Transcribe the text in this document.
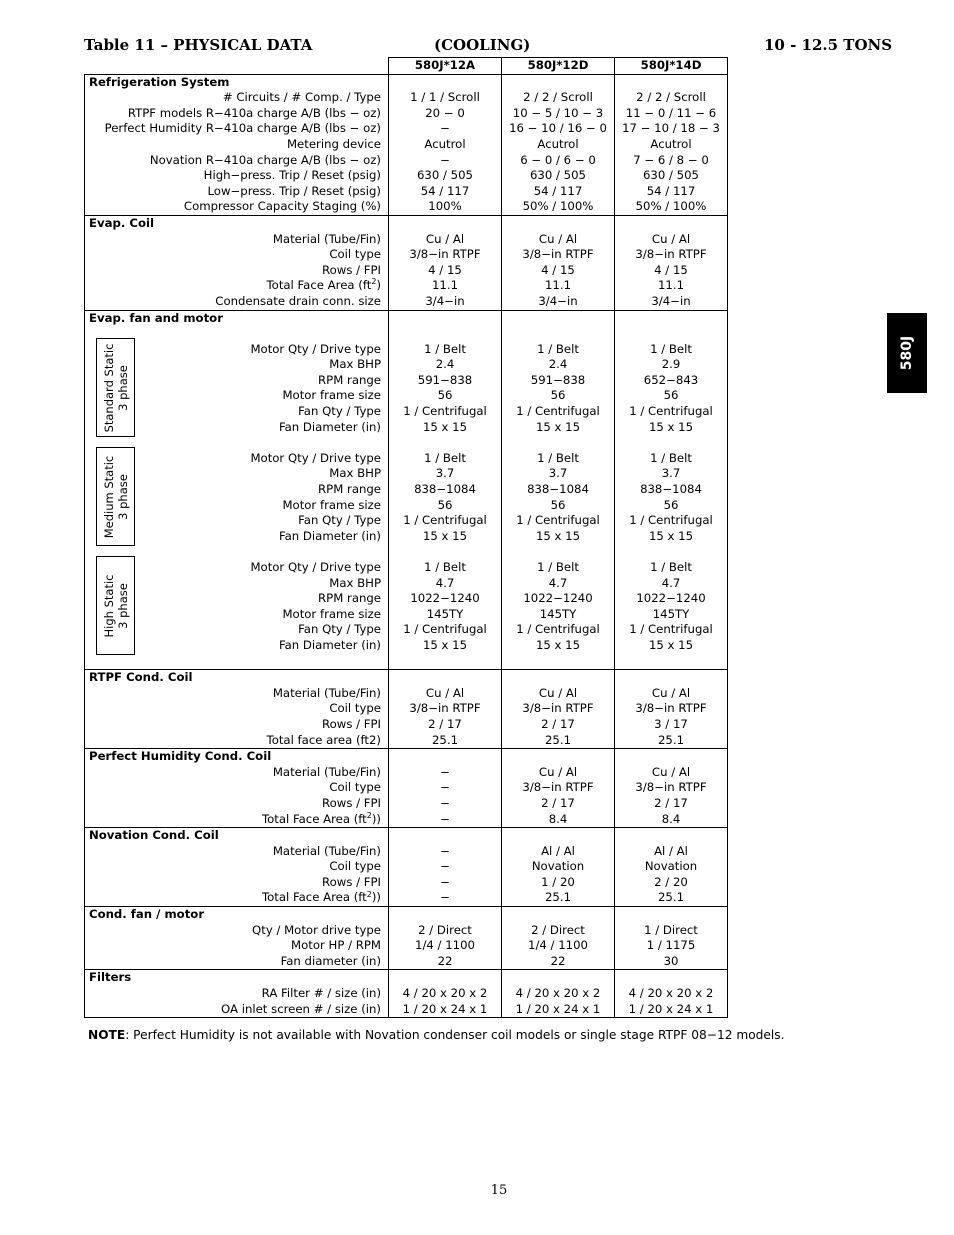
Table 11 – PHYSICAL DATA	(COOLING)	10 - 12.5 TONS
580J
	580J*12A	580J*12D	580J*14D
Refrigeration System			
# Circuits / # Comp. / Type	1 / 1 / Scroll	2 / 2 / Scroll	2 / 2 / Scroll
RTPF models R−410a charge A/B (lbs − oz)	20 − 0	10 − 5 / 10 − 3	11 − 0 / 11 − 6
Perfect Humidity R−410a charge A/B (lbs − oz)	−	16 − 10 / 16 − 0	17 − 10 / 18 − 3
Metering device	Acutrol	Acutrol	Acutrol
Novation R−410a charge A/B (lbs − oz)	−	6 − 0 / 6 − 0	7 − 6 / 8 − 0
High−press. Trip / Reset (psig)	630 / 505	630 / 505	630 / 505
Low−press. Trip / Reset (psig)	54 / 117	54 / 117	54 / 117
Compressor Capacity Staging (%)	100%	50% / 100%	50% / 100%
Evap. Coil			
Material (Tube/Fin)	Cu / Al	Cu / Al	Cu / Al
Coil type	3/8−in RTPF	3/8−in RTPF	3/8−in RTPF
Rows / FPI	4 / 15	4 / 15	4 / 15
Total Face Area $(ft^2)$	11.1	11.1	11.1
Condensate drain conn. size	3/4−in	3/4−in	3/4−in
Evap. fan and motor			

Motor Qty / Drive type	1 / Belt	1 / Belt	1 / Belt
Max BHP	2.4	2.4	2.9
RPM range	591−838	591−838	652−843
Motor frame size	56	56	56
Fan Qty / Type	1 / Centrifugal	1 / Centrifugal	1 / Centrifugal
Fan Diameter (in)	15 x 15	15 x 15	15 x 15

Motor Qty / Drive type	1 / Belt	1 / Belt	1 / Belt
Max BHP	3.7	3.7	3.7
RPM range	838−1084	838−1084	838−1084
Motor frame size	56	56	56
Fan Qty / Type	1 / Centrifugal	1 / Centrifugal	1 / Centrifugal
Fan Diameter (in)	15 x 15	15 x 15	15 x 15

Motor Qty / Drive type	1 / Belt	1 / Belt	1 / Belt
Max BHP	4.7	4.7	4.7
RPM range	1022−1240	1022−1240	1022−1240
Motor frame size	145TY	145TY	145TY
Fan Qty / Type	1 / Centrifugal	1 / Centrifugal	1 / Centrifugal
Fan Diameter (in)	15 x 15	15 x 15	15 x 15

RTPF Cond. Coil			
Material (Tube/Fin)	Cu / Al	Cu / Al	Cu / Al
Coil type	3/8−in RTPF	3/8−in RTPF	3/8−in RTPF
Rows / FPI	2 / 17	2 / 17	3 / 17
Total face area (ft2)	25.1	25.1	25.1
Perfect Humidity Cond. Coil			
Material (Tube/Fin)	−	Cu / Al	Cu / Al
Coil type	−	3/8−in RTPF	3/8−in RTPF
Rows / FPI	−	2 / 17	2 / 17
Total Face Area $(ft^2)$)	−	8.4	8.4
Novation Cond. Coil			
Material (Tube/Fin)	−	Al / Al	Al / Al
Coil type	−	Novation	Novation
Rows / FPI	−	1 / 20	2 / 20
Total Face Area $(ft^2)$)	−	25.1	25.1
Cond. fan / motor			
Qty / Motor drive type	2 / Direct	2 / Direct	1 / Direct
Motor HP / RPM	1/4 / 1100	1/4 / 1100	1 / 1175
Fan diameter (in)	22	22	30
Filters			
RA Filter # / size (in)	4 / 20 x 20 x 2	4 / 20 x 20 x 2	4 / 20 x 20 x 2
OA inlet screen # / size (in)	1 / 20 x 24 x 1	1 / 20 x 24 x 1	1 / 20 x 24 x 1
Standard Static 3 phase
Medium Static 3 phase
High Static 3 phase
NOTE: Perfect Humidity is not available with Novation condenser coil models or single stage RTPF 08−12 models.
15
